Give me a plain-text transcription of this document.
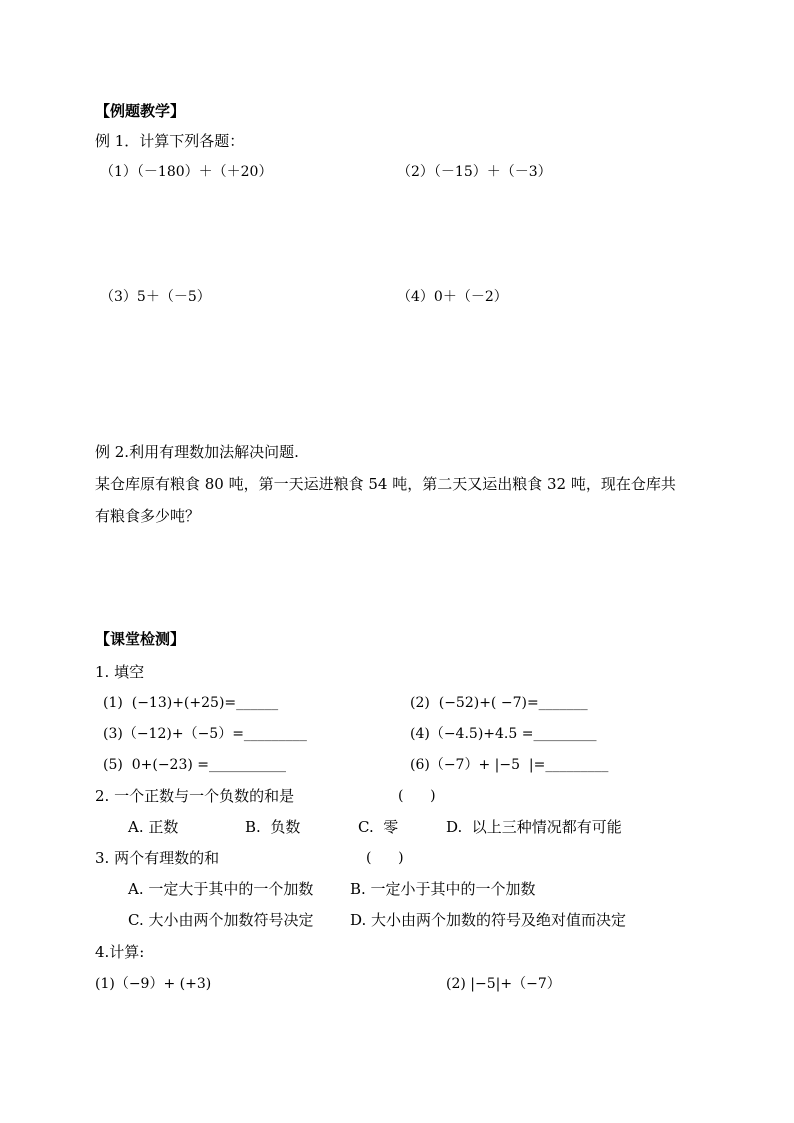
【例题教学】
例 1．计算下列各题：
（1）（－180）＋（＋20）	（2）（－15）＋（－3）
（3）5＋（－5）	（4）0＋（－2）
例 2.利用有理数加法解决问题.
某仓库原有粮食 80 吨，第一天运进粮食 54 吨，第二天又运出粮食 32 吨，现在仓库共
有粮食多少吨？
【课堂检测】
1. 填空
(1)  (−13)+(+25)=______	(2)  (−52)+( −7)=_______
(3)（−12)+（−5）=_________	(4)（−4.5)+4.5 =_________
(5)  0+(−23) =___________	(6)（−7）+ |−5  |=_________
2. 一个正数与一个负数的和是	(      )
A. 正数	B.  负数	C.  零	D.  以上三种情况都有可能
3. 两个有理数的和	(      )
A. 一定大于其中的一个加数 B. 一定小于其中的一个加数
C. 大小由两个加数符号决定 D. 大小由两个加数的符号及绝对值而决定
4.计算:
(1)（−9）+ (+3)	(2) |−5|+（−7）
